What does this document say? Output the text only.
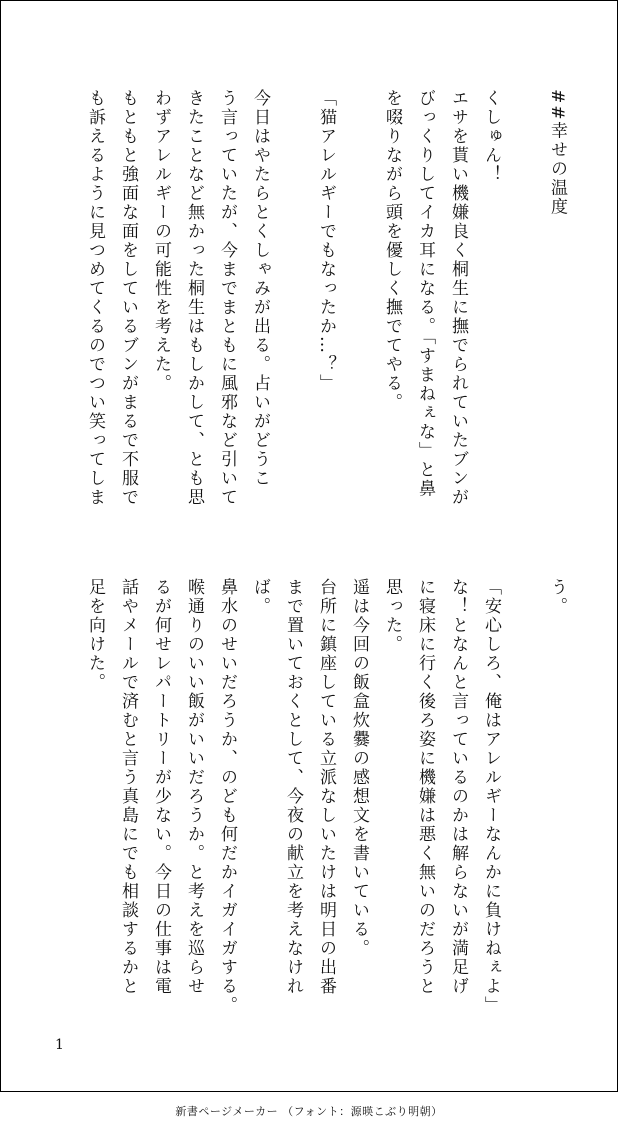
##幸せの温度
くしゅん！
エサを貰い機嫌良く桐生に撫でられていたブンが
びっくりしてイカ耳になる。「すまねぇな」と鼻
を啜りながら頭を優しく撫でてやる。
「猫アレルギーでもなったか…？」
今日はやたらとくしゃみが出る。占いがどうこ
う言っていたが、今までまともに風邪など引いて
きたことなど無かった桐生はもしかして、とも思
わずアレルギーの可能性を考えた。
もともと強面な面をしているブンがまるで不服で
も訴えるように見つめてくるのでつい笑ってしま
う。
「安心しろ、俺はアレルギーなんかに負けねぇよ」
な！となんと言っているのかは解らないが満足げ
に寝床に行く後ろ姿に機嫌は悪く無いのだろうと
思った。
遥は今回の飯盒炊爨の感想文を書いている。
台所に鎮座している立派なしいたけは明日の出番
まで置いておくとして、今夜の献立を考えなけれ
ば。
鼻水のせいだろうか、のども何だかイガイガする。
喉通りのいい飯がいいだろうか。と考えを巡らせ
るが何せレパートリーが少ない。今日の仕事は電
話やメールで済むと言う真島にでも相談するかと
足を向けた。
1
新書ページメーカー （フォント：源暎こぶり明朝）
